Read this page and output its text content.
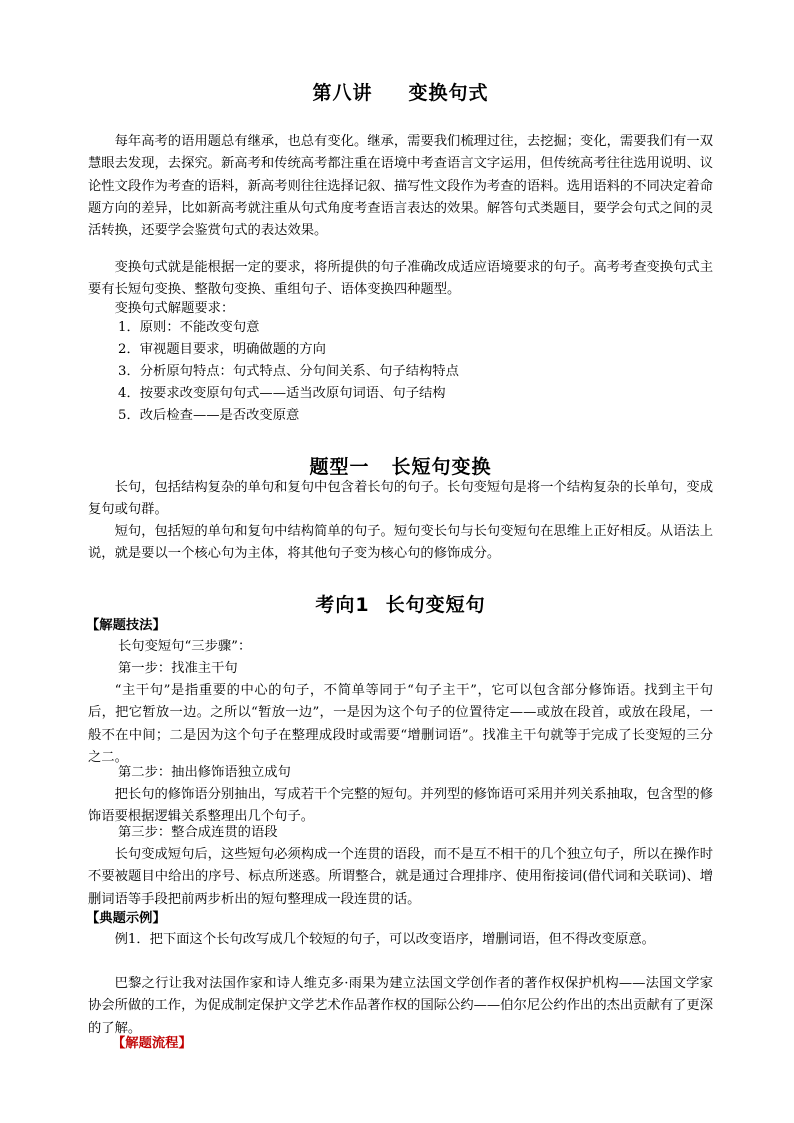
第八讲 变换句式

每年高考的语用题总有继承，也总有变化。继承，需要我们梳理过往，去挖掘；变化，需要我们有一双慧眼去发现，去探究。新高考和传统高考都注重在语境中考查语言文字运用，但传统高考往往选用说明、议论性文段作为考查的语料，新高考则往往选择记叙、描写性文段作为考查的语料。选用语料的不同决定着命题方向的差异，比如新高考就注重从句式角度考查语言表达的效果。解答句式类题目，要学会句式之间的灵活转换，还要学会鉴赏句式的表达效果。

变换句式就是能根据一定的要求，将所提供的句子准确改成适应语境要求的句子。高考考查变换句式主要有长短句变换、整散句变换、重组句子、语体变换四种题型。

变换句式解题要求：

1．原则：不能改变句意

2．审视题目要求，明确做题的方向

3．分析原句特点：句式特点、分句间关系、句子结构特点

4．按要求改变原句句式——适当改原句词语、句子结构

5．改后检查——是否改变原意

题型一 长短句变换

长句，包括结构复杂的单句和复句中包含着长句的句子。长句变短句是将一个结构复杂的长单句，变成复句或句群。

短句，包括短的单句和复句中结构简单的句子。短句变长句与长句变短句在思维上正好相反。从语法上说，就是要以一个核心句为主体，将其他句子变为核心句的修饰成分。

考向1 长句变短句
【解题技法】
长句变短句“三步骤”：
第一步：找准主干句

“主干句”是指重要的中心的句子，不简单等同于“句子主干”，它可以包含部分修饰语。找到主干句后，把它暂放一边。之所以“暂放一边”，一是因为这个句子的位置待定——或放在段首，或放在段尾，一般不在中间；二是因为这个句子在整理成段时或需要“增删词语”。找准主干句就等于完成了长变短的三分之二。

第二步：抽出修饰语独立成句

把长句的修饰语分别抽出，写成若干个完整的短句。并列型的修饰语可采用并列关系抽取，包含型的修饰语要根据逻辑关系整理出几个句子。

第三步：整合成连贯的语段

长句变成短句后，这些短句必须构成一个连贯的语段，而不是互不相干的几个独立句子，所以在操作时不要被题目中给出的序号、标点所迷惑。所谓整合，就是通过合理排序、使用衔接词(借代词和关联词)、增删词语等手段把前两步析出的短句整理成一段连贯的话。

【典题示例】

例1．把下面这个长句改写成几个较短的句子，可以改变语序，增删词语，但不得改变原意。

巴黎之行让我对法国作家和诗人维克多·雨果为建立法国文学创作者的著作权保护机构——法国文学家协会所做的工作，为促成制定保护文学艺术作品著作权的国际公约——伯尔尼公约作出的杰出贡献有了更深的了解。

【解题流程】
